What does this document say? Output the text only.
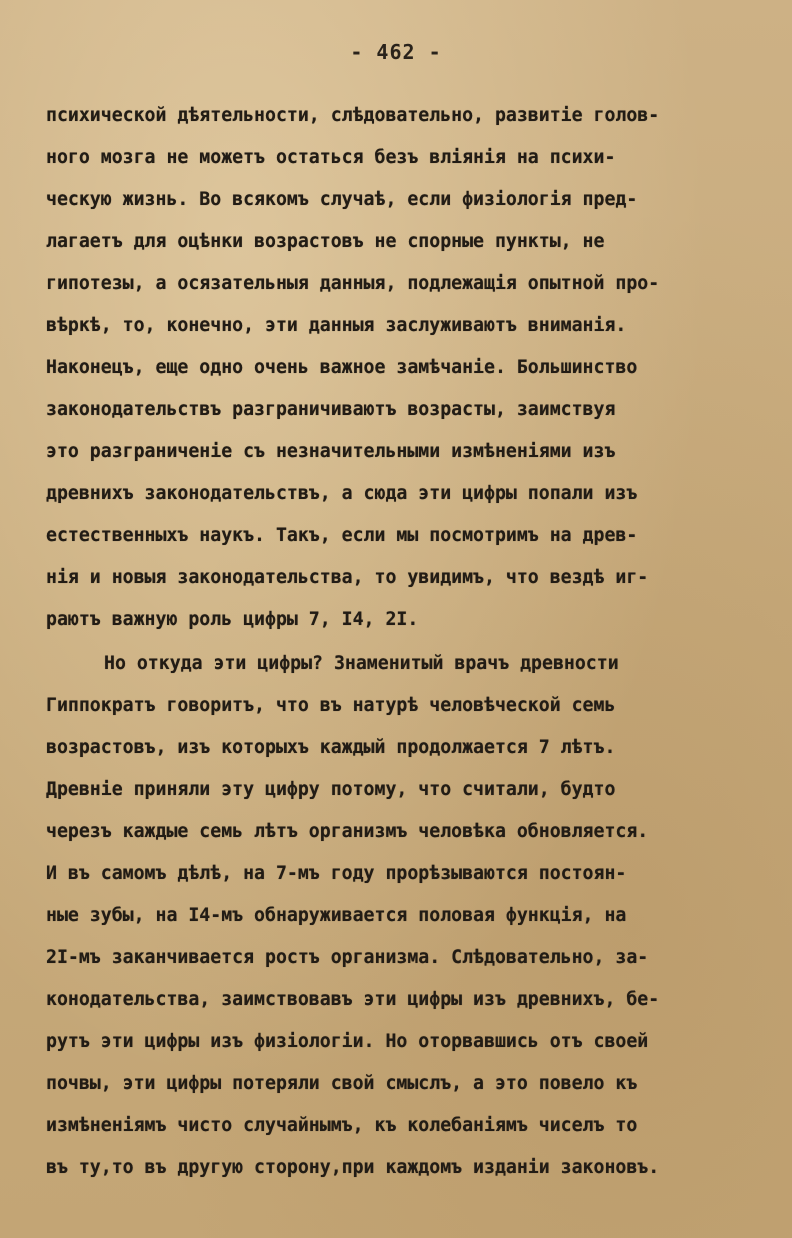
- 462 -
психической дѣятельности, слѣдовательно, развитіе голов-
ного мозга не можетъ остаться безъ вліянія на психи-
ческую жизнь. Во всякомъ случаѣ, если физіологія пред-
лагаетъ для оцѣнки возрастовъ не спорные пункты, не
гипотезы, а осязательныя данныя, подлежащія опытной про-
вѣркѣ, то, конечно, эти данныя заслуживаютъ вниманія.
Наконецъ, еще одно очень важное замѣчаніе. Большинство
законодательствъ разграничиваютъ возрасты, заимствуя
это разграниченіе съ незначительными измѣненіями изъ
древнихъ законодательствъ, а сюда эти цифры попали изъ
естественныхъ наукъ. Такъ, если мы посмотримъ на древ-
нія и новыя законодательства, то увидимъ, что вездѣ иг-
раютъ важную роль цифры 7, I4, 2I.
Но откуда эти цифры? Знаменитый врачъ древности
Гиппократъ говоритъ, что въ натурѣ человѣческой семь
возрастовъ, изъ которыхъ каждый продолжается 7 лѣтъ.
Древніе приняли эту цифру потому, что считали, будто
черезъ каждые семь лѣтъ организмъ человѣка обновляется.
И въ самомъ дѣлѣ, на 7-мъ году прорѣзываются постоян-
ные зубы, на I4-мъ обнаруживается половая функція, на
2I-мъ заканчивается ростъ организма. Слѣдовательно, за-
конодательства, заимствовавъ эти цифры изъ древнихъ, бе-
рутъ эти цифры изъ физіологіи. Но оторвавшись отъ своей
почвы, эти цифры потеряли свой смыслъ, а это повело къ
измѣненіямъ чисто случайнымъ, къ колебаніямъ чиселъ то
въ ту,то въ другую сторону,при каждомъ изданіи законовъ.
